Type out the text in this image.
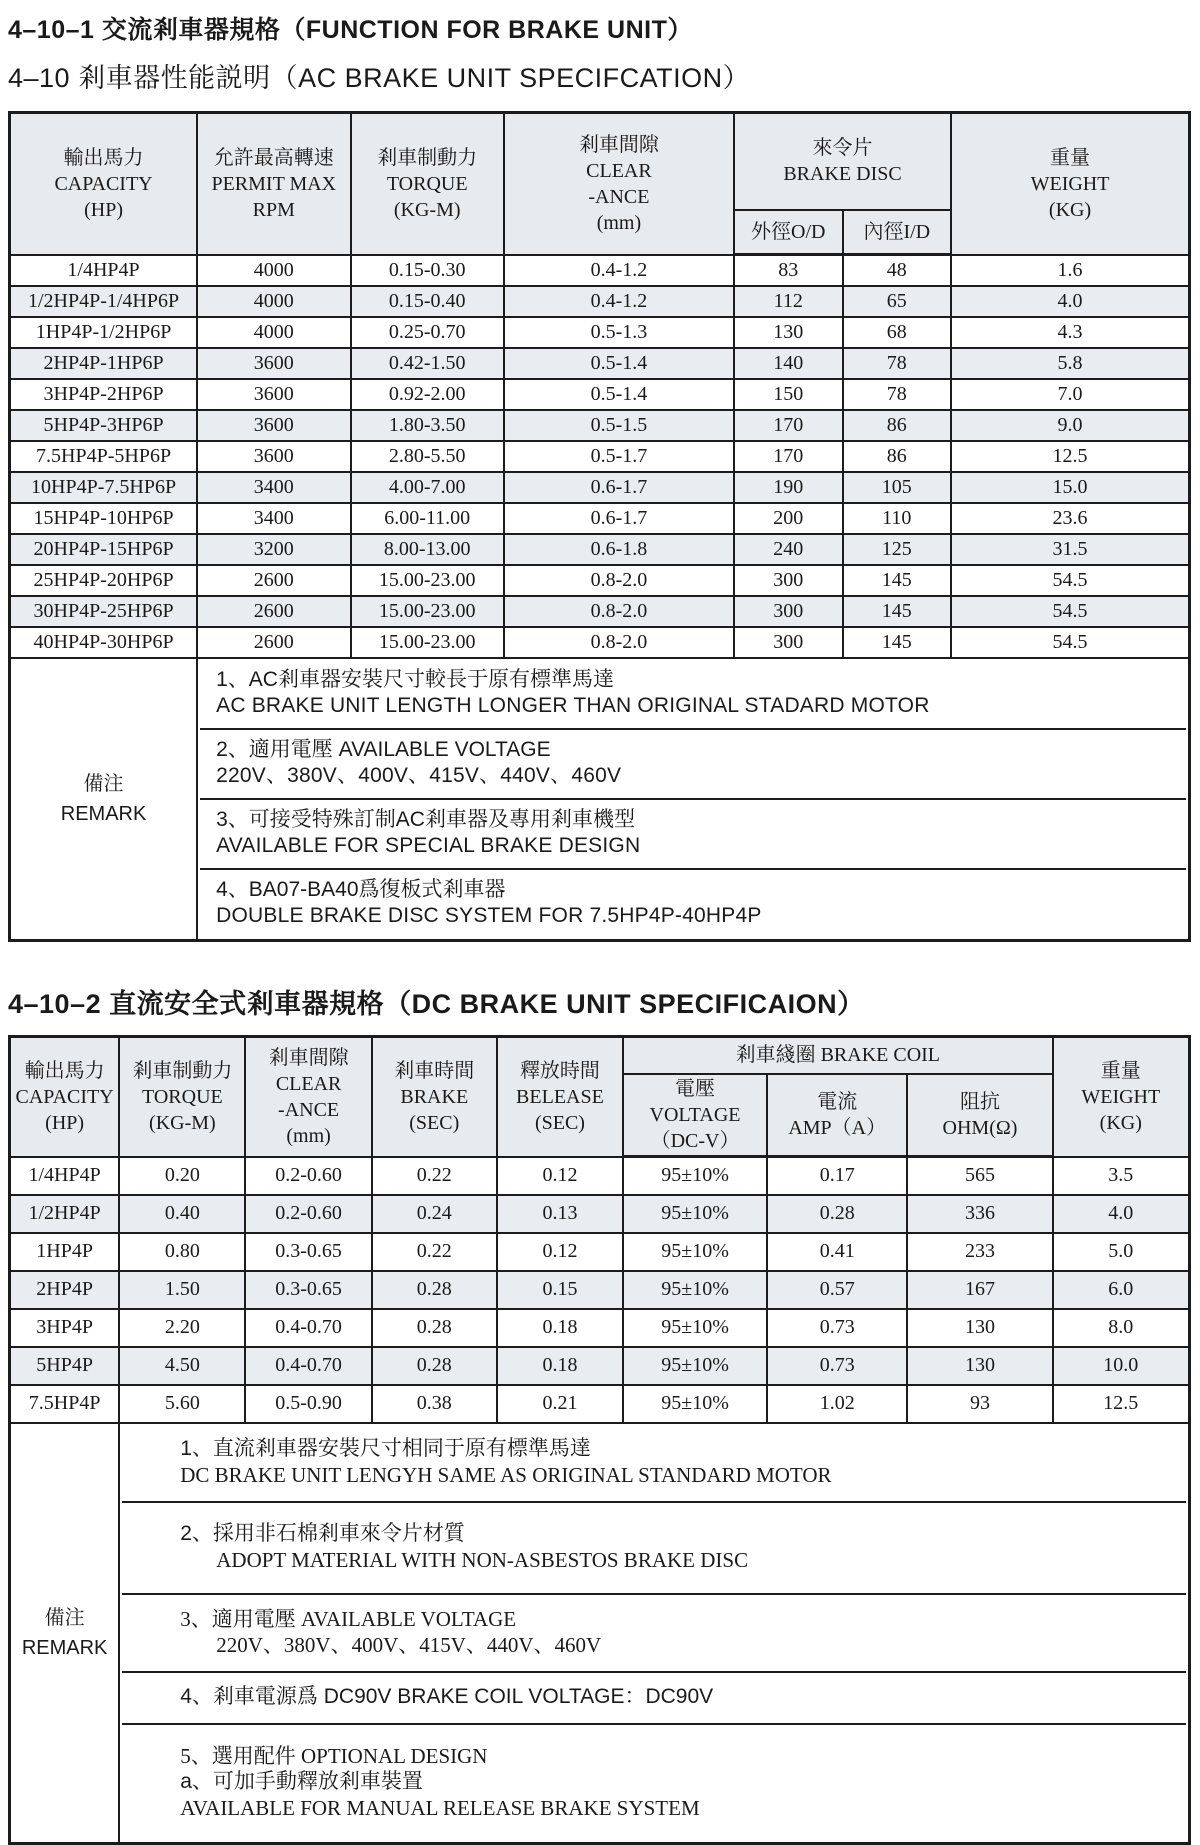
4–10–1 交流剎車器規格（FUNCTION FOR BRAKE UNIT）
4–10 剎車器性能説明（AC BRAKE UNIT SPECIFCATION）
輸出馬力
CAPACITY
(HP)	允許最高轉速
PERMIT MAX
RPM	剎車制動力
TORQUE
(KG-M)	剎車間隙
CLEAR
-ANCE
(mm)	來令片
BRAKE DISC		重量
WEIGHT
(KG)

				外徑O/D	內徑I/D	
1/4HP4P	4000	0.15-0.30	0.4-1.2	83	48	1.6
1/2HP4P-1/4HP6P	4000	0.15-0.40	0.4-1.2	112	65	4.0
1HP4P-1/2HP6P	4000	0.25-0.70	0.5-1.3	130	68	4.3
2HP4P-1HP6P	3600	0.42-1.50	0.5-1.4	140	78	5.8
3HP4P-2HP6P	3600	0.92-2.00	0.5-1.4	150	78	7.0
5HP4P-3HP6P	3600	1.80-3.50	0.5-1.5	170	86	9.0
7.5HP4P-5HP6P	3600	2.80-5.50	0.5-1.7	170	86	12.5
10HP4P-7.5HP6P	3400	4.00-7.00	0.6-1.7	190	105	15.0
15HP4P-10HP6P	3400	6.00-11.00	0.6-1.7	200	110	23.6
20HP4P-15HP6P	3200	8.00-13.00	0.6-1.8	240	125	31.5
25HP4P-20HP6P	2600	15.00-23.00	0.8-2.0	300	145	54.5
30HP4P-25HP6P	2600	15.00-23.00	0.8-2.0	300	145	54.5
40HP4P-30HP6P	2600	15.00-23.00	0.8-2.0	300	145	54.5

備注
REMARK

1、AC剎車器安裝尺寸較長于原有標準馬達
AC BRAKE UNIT LENGTH LONGER THAN ORIGINAL STADARD MOTOR
2、適用電壓 AVAILABLE VOLTAGE
220V、380V、400V、415V、440V、460V
3、可接受特殊訂制AC剎車器及專用剎車機型
AVAILABLE FOR SPECIAL BRAKE DESIGN
4、BA07-BA40爲復板式剎車器
DOUBLE BRAKE DISC SYSTEM FOR 7.5HP4P-40HP4P
4–10–2 直流安全式剎車器規格（DC BRAKE UNIT SPECIFICAION）
輸出馬力
CAPACITY
(HP)	剎車制動力
TORQUE
(KG-M)	剎車間隙
CLEAR
-ANCE
(mm)	剎車時間
BRAKE
(SEC)	釋放時間
BELEASE
(SEC)	剎車綫圈 BRAKE COIL			重量
WEIGHT
(KG)

					電壓
VOLTAGE
（DC-V）	電流
AMP（A）	阻抗
OHM(Ω)	

1/4HP4P	0.20	0.2-0.60	0.22	0.12	95±10%	0.17	565	3.5
1/2HP4P	0.40	0.2-0.60	0.24	0.13	95±10%	0.28	336	4.0
1HP4P	0.80	0.3-0.65	0.22	0.12	95±10%	0.41	233	5.0
2HP4P	1.50	0.3-0.65	0.28	0.15	95±10%	0.57	167	6.0
3HP4P	2.20	0.4-0.70	0.28	0.18	95±10%	0.73	130	8.0
5HP4P	4.50	0.4-0.70	0.28	0.18	95±10%	0.73	130	10.0
7.5HP4P	5.60	0.5-0.90	0.38	0.21	95±10%	1.02	93	12.5

備注
REMARK

1、直流剎車器安裝尺寸相同于原有標準馬達
DC BRAKE UNIT LENGYH SAME AS ORIGINAL STANDARD MOTOR
2、採用非石棉剎車來令片材質
ADOPT MATERIAL WITH NON-ASBESTOS BRAKE DISC
3、適用電壓 AVAILABLE VOLTAGE
220V、380V、400V、415V、440V、460V
4、剎車電源爲 DC90V BRAKE COIL VOLTAGE：DC90V
5、選用配件 OPTIONAL DESIGN
a、可加手動釋放剎車裝置
AVAILABLE FOR MANUAL RELEASE BRAKE SYSTEM
